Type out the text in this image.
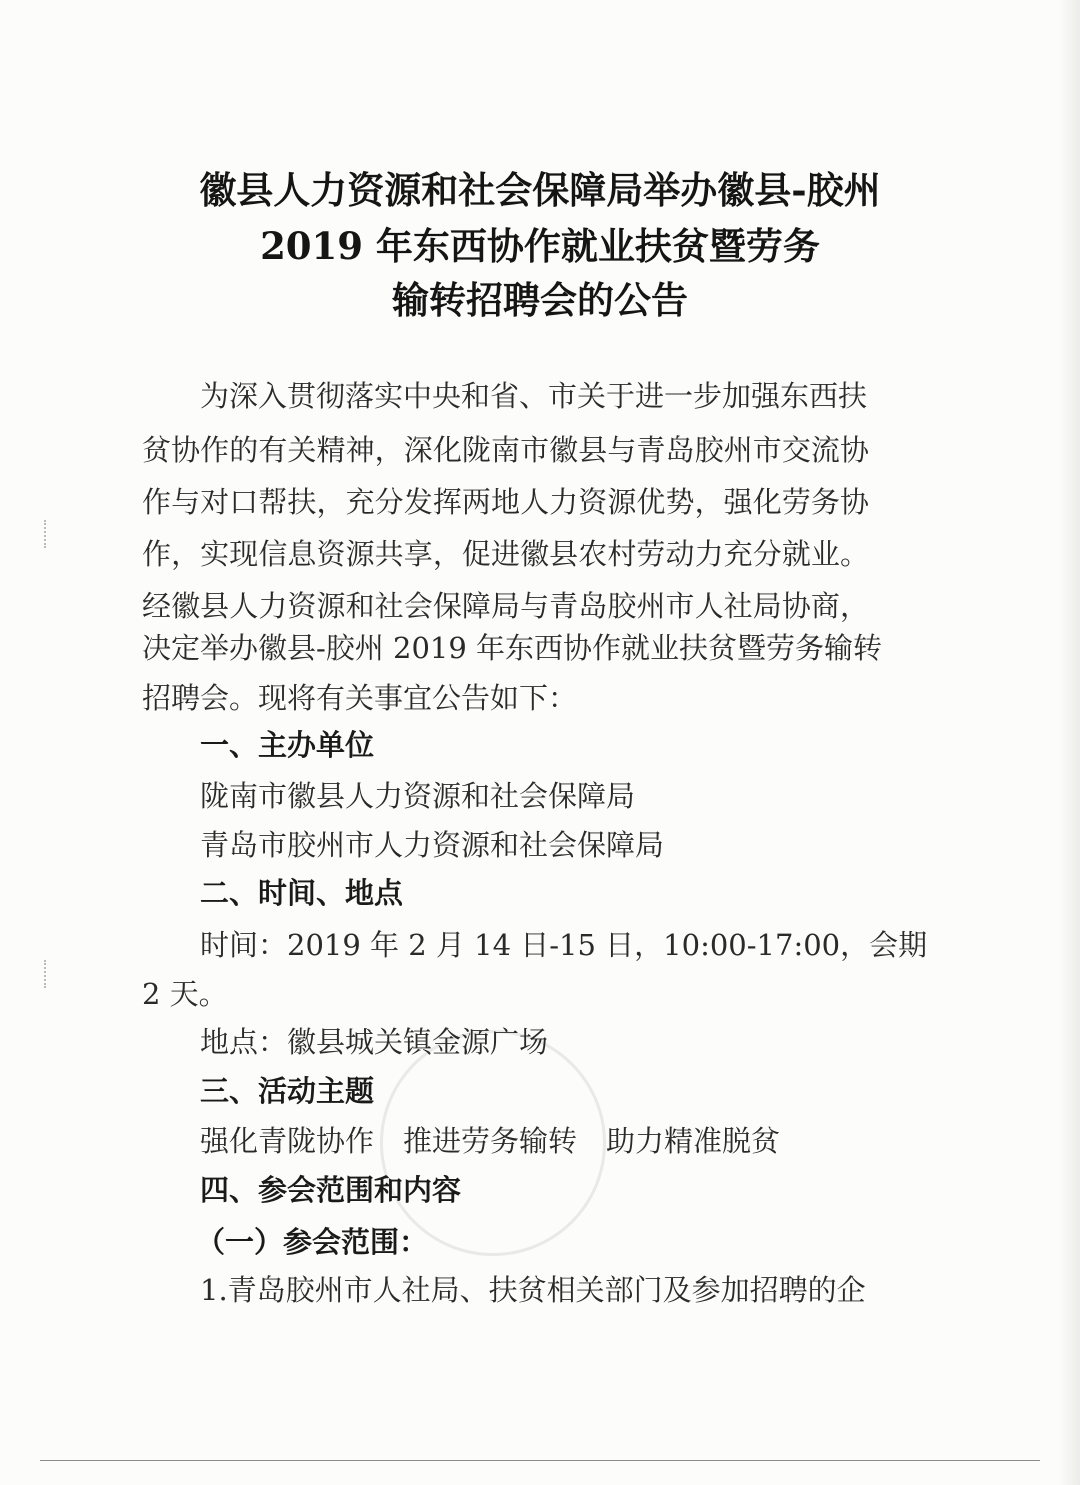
徽县人力资源和社会保障局举办徽县-胶州
2019 年东西协作就业扶贫暨劳务
输转招聘会的公告
为深入贯彻落实中央和省、市关于进一步加强东西扶
贫协作的有关精神，深化陇南市徽县与青岛胶州市交流协
作与对口帮扶，充分发挥两地人力资源优势，强化劳务协
作，实现信息资源共享，促进徽县农村劳动力充分就业。
经徽县人力资源和社会保障局与青岛胶州市人社局协商，
决定举办徽县-胶州 2019 年东西协作就业扶贫暨劳务输转
招聘会。现将有关事宜公告如下：
一、主办单位
陇南市徽县人力资源和社会保障局
青岛市胶州市人力资源和社会保障局
二、时间、地点
时间：2019 年 2 月 14 日-15 日，10:00-17:00，会期
2 天。
地点：徽县城关镇金源广场
三、活动主题
强化青陇协作　推进劳务输转　助力精准脱贫
四、参会范围和内容
（一）参会范围：
1.青岛胶州市人社局、扶贫相关部门及参加招聘的企
